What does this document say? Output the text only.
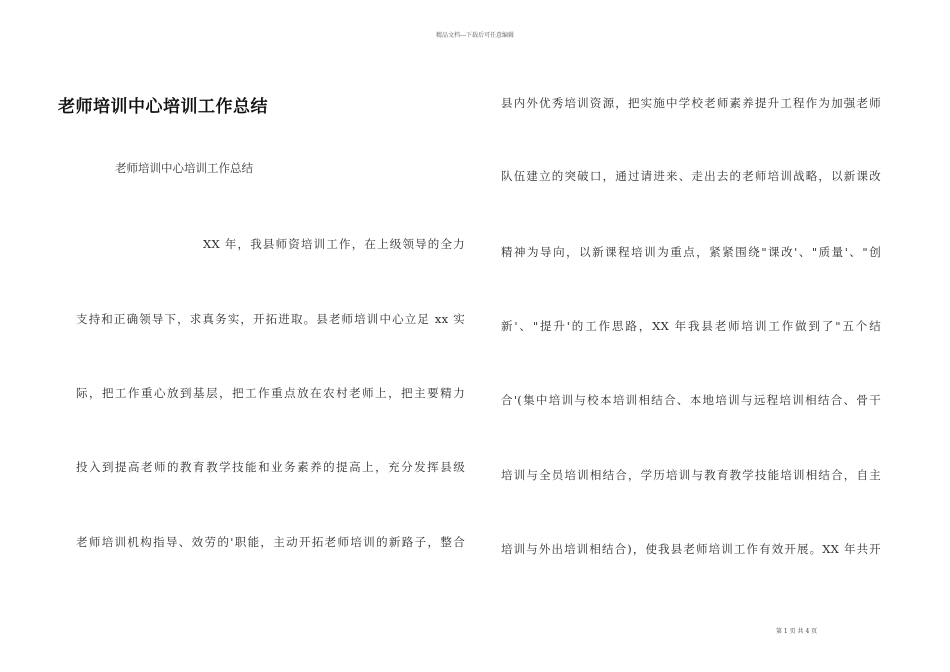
精品文档---下载后可任意编辑
老师培训中心培训工作总结
老师培训中心培训工作总结
XX 年，我县师资培训工作，在上级领导的全力
支持和正确领导下，求真务实，开拓进取。县老师培训中心立足 xx 实
际，把工作重心放到基层，把工作重点放在农村老师上，把主要精力
投入到提高老师的教育教学技能和业务素养的提高上，充分发挥县级
老师培训机构指导、效劳的'职能，主动开拓老师培训的新路子，整合
县内外优秀培训资源，把实施中学校老师素养提升工程作为加强老师
队伍建立的突破口，通过请进来、走出去的老师培训战略，以新课改
精神为导向，以新课程培训为重点，紧紧围绕"课改'、"质量'、"创
新'、"提升'的工作思路，XX 年我县老师培训工作做到了"五个结
合'(集中培训与校本培训相结合、本地培训与远程培训相结合、骨干
培训与全员培训相结合，学历培训与教育教学技能培训相结合，自主
培训与外出培训相结合)，使我县老师培训工作有效开展。XX 年共开
第 1 页 共 4 页
